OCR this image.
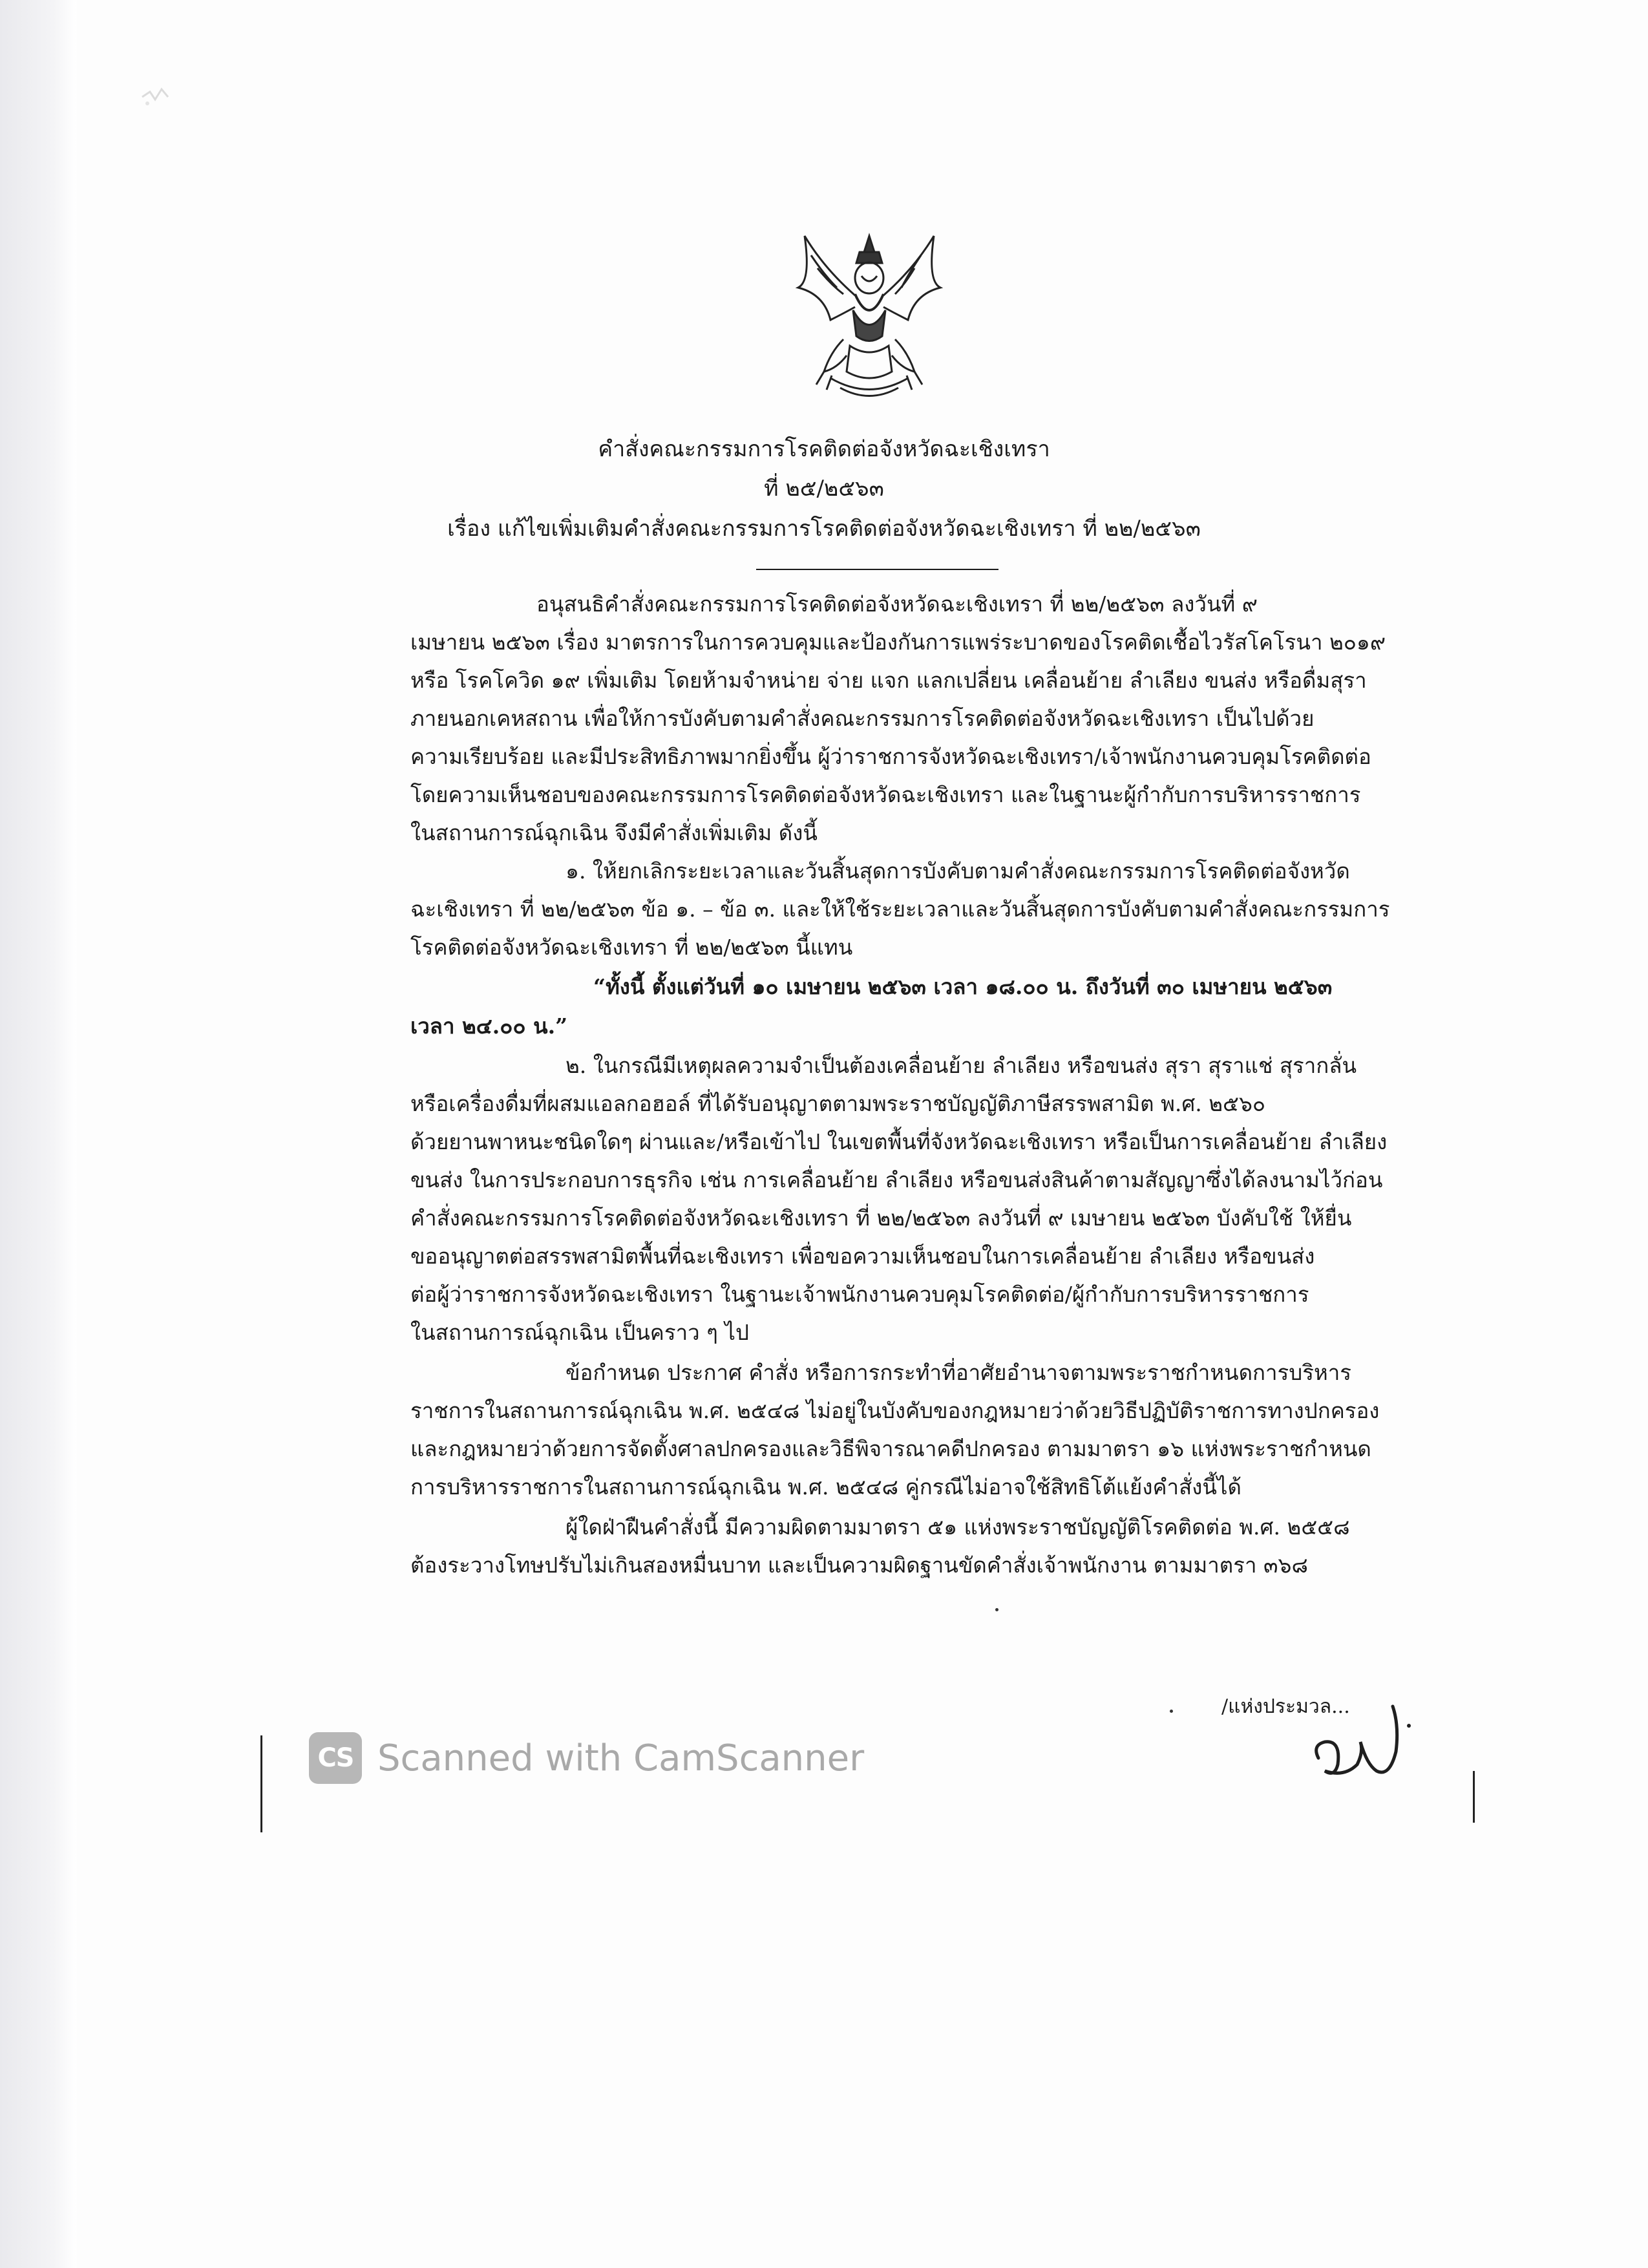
คำสั่งคณะกรรมการโรคติดต่อจังหวัดฉะเชิงเทรา
ที่ ๒๕/๒๕๖๓
เรื่อง แก้ไขเพิ่มเติมคำสั่งคณะกรรมการโรคติดต่อจังหวัดฉะเชิงเทรา ที่ ๒๒/๒๕๖๓
อนุสนธิคำสั่งคณะกรรมการโรคติดต่อจังหวัดฉะเชิงเทรา ที่ ๒๒/๒๕๖๓ ลงวันที่ ๙
เมษายน ๒๕๖๓ เรื่อง มาตรการในการควบคุมและป้องกันการแพร่ระบาดของโรคติดเชื้อไวรัสโคโรนา ๒๐๑๙
หรือ โรคโควิด ๑๙ เพิ่มเติม โดยห้ามจำหน่าย จ่าย แจก แลกเปลี่ยน เคลื่อนย้าย ลำเลียง ขนส่ง หรือดื่มสุรา
ภายนอกเคหสถาน เพื่อให้การบังคับตามคำสั่งคณะกรรมการโรคติดต่อจังหวัดฉะเชิงเทรา เป็นไปด้วย
ความเรียบร้อย และมีประสิทธิภาพมากยิ่งขึ้น ผู้ว่าราชการจังหวัดฉะเชิงเทรา/เจ้าพนักงานควบคุมโรคติดต่อ
โดยความเห็นชอบของคณะกรรมการโรคติดต่อจังหวัดฉะเชิงเทรา และในฐานะผู้กำกับการบริหารราชการ
ในสถานการณ์ฉุกเฉิน จึงมีคำสั่งเพิ่มเติม ดังนี้
๑. ให้ยกเลิกระยะเวลาและวันสิ้นสุดการบังคับตามคำสั่งคณะกรรมการโรคติดต่อจังหวัด
ฉะเชิงเทรา ที่ ๒๒/๒๕๖๓ ข้อ ๑. – ข้อ ๓. และให้ใช้ระยะเวลาและวันสิ้นสุดการบังคับตามคำสั่งคณะกรรมการ
โรคติดต่อจังหวัดฉะเชิงเทรา ที่ ๒๒/๒๕๖๓ นี้แทน
“ทั้งนี้ ตั้งแต่วันที่ ๑๐ เมษายน ๒๕๖๓ เวลา ๑๘.๐๐ น. ถึงวันที่ ๓๐ เมษายน ๒๕๖๓
เวลา ๒๔.๐๐ น.”
๒. ในกรณีมีเหตุผลความจำเป็นต้องเคลื่อนย้าย ลำเลียง หรือขนส่ง สุรา สุราแช่ สุรากลั่น
หรือเครื่องดื่มที่ผสมแอลกอฮอล์ ที่ได้รับอนุญาตตามพระราชบัญญัติภาษีสรรพสามิต พ.ศ. ๒๕๖๐
ด้วยยานพาหนะชนิดใดๆ ผ่านและ/หรือเข้าไป ในเขตพื้นที่จังหวัดฉะเชิงเทรา หรือเป็นการเคลื่อนย้าย ลำเลียง
ขนส่ง ในการประกอบการธุรกิจ เช่น การเคลื่อนย้าย ลำเลียง หรือขนส่งสินค้าตามสัญญาซึ่งได้ลงนามไว้ก่อน
คำสั่งคณะกรรมการโรคติดต่อจังหวัดฉะเชิงเทรา ที่ ๒๒/๒๕๖๓ ลงวันที่ ๙ เมษายน ๒๕๖๓ บังคับใช้ ให้ยื่น
ขออนุญาตต่อสรรพสามิตพื้นที่ฉะเชิงเทรา เพื่อขอความเห็นชอบในการเคลื่อนย้าย ลำเลียง หรือขนส่ง
ต่อผู้ว่าราชการจังหวัดฉะเชิงเทรา ในฐานะเจ้าพนักงานควบคุมโรคติดต่อ/ผู้กำกับการบริหารราชการ
ในสถานการณ์ฉุกเฉิน เป็นคราว ๆ ไป
ข้อกำหนด ประกาศ คำสั่ง หรือการกระทำที่อาศัยอำนาจตามพระราชกำหนดการบริหาร
ราชการในสถานการณ์ฉุกเฉิน พ.ศ. ๒๕๔๘ ไม่อยู่ในบังคับของกฎหมายว่าด้วยวิธีปฏิบัติราชการทางปกครอง
และกฎหมายว่าด้วยการจัดตั้งศาลปกครองและวิธีพิจารณาคดีปกครอง ตามมาตรา ๑๖ แห่งพระราชกำหนด
การบริหารราชการในสถานการณ์ฉุกเฉิน พ.ศ. ๒๕๔๘ คู่กรณีไม่อาจใช้สิทธิโต้แย้งคำสั่งนี้ได้
ผู้ใดฝ่าฝืนคำสั่งนี้ มีความผิดตามมาตรา ๕๑ แห่งพระราชบัญญัติโรคติดต่อ พ.ศ. ๒๕๕๘
ต้องระวางโทษปรับไม่เกินสองหมื่นบาท และเป็นความผิดฐานขัดคำสั่งเจ้าพนักงาน ตามมาตรา ๓๖๘
/แห่งประมวล...
CS Scanned with CamScanner
